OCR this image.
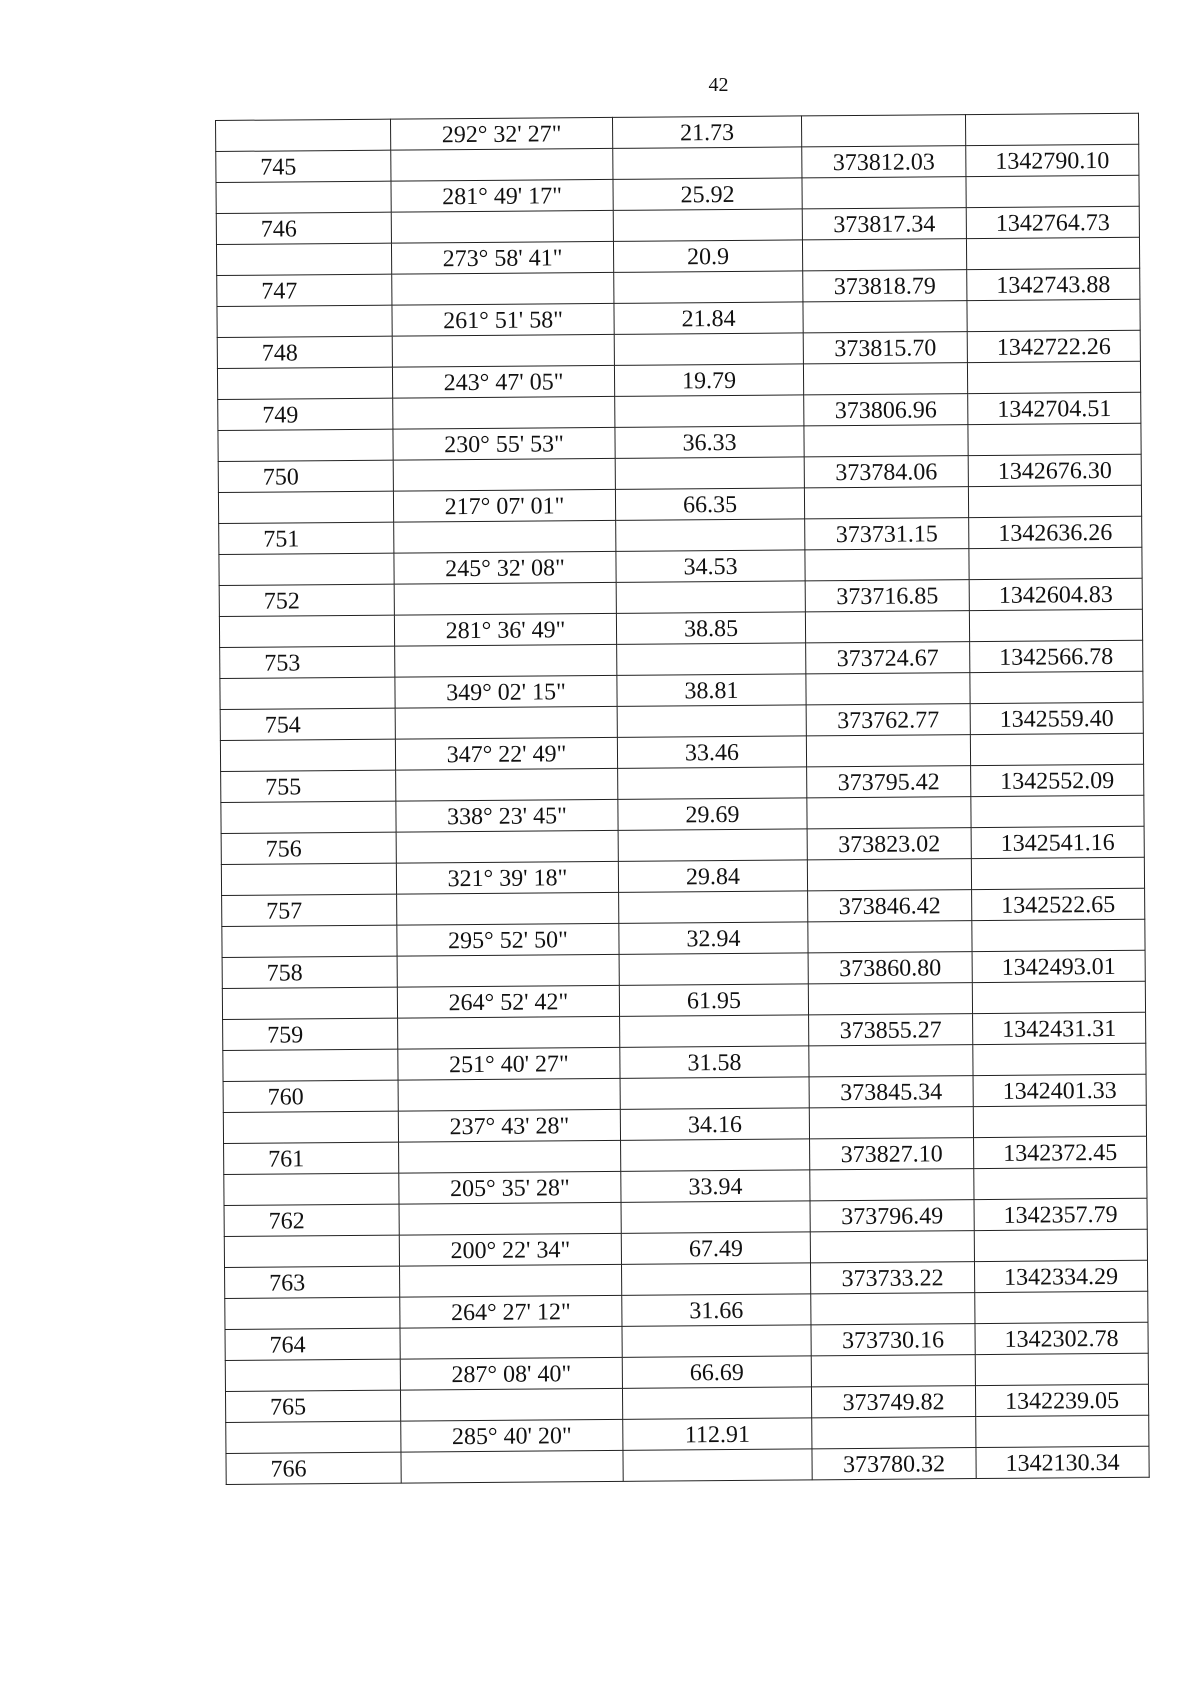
42
	292° 32' 27"	21.73		
745			373812.03	1342790.10
	281° 49' 17"	25.92		
746			373817.34	1342764.73
	273° 58' 41"	20.9		
747			373818.79	1342743.88
	261° 51' 58"	21.84		
748			373815.70	1342722.26
	243° 47' 05"	19.79		
749			373806.96	1342704.51
	230° 55' 53"	36.33		
750			373784.06	1342676.30
	217° 07' 01"	66.35		
751			373731.15	1342636.26
	245° 32' 08"	34.53		
752			373716.85	1342604.83
	281° 36' 49"	38.85		
753			373724.67	1342566.78
	349° 02' 15"	38.81		
754			373762.77	1342559.40
	347° 22' 49"	33.46		
755			373795.42	1342552.09
	338° 23' 45"	29.69		
756			373823.02	1342541.16
	321° 39' 18"	29.84		
757			373846.42	1342522.65
	295° 52' 50"	32.94		
758			373860.80	1342493.01
	264° 52' 42"	61.95		
759			373855.27	1342431.31
	251° 40' 27"	31.58		
760			373845.34	1342401.33
	237° 43' 28"	34.16		
761			373827.10	1342372.45
	205° 35' 28"	33.94		
762			373796.49	1342357.79
	200° 22' 34"	67.49		
763			373733.22	1342334.29
	264° 27' 12"	31.66		
764			373730.16	1342302.78
	287° 08' 40"	66.69		
765			373749.82	1342239.05
	285° 40' 20"	112.91		
766			373780.32	1342130.34
